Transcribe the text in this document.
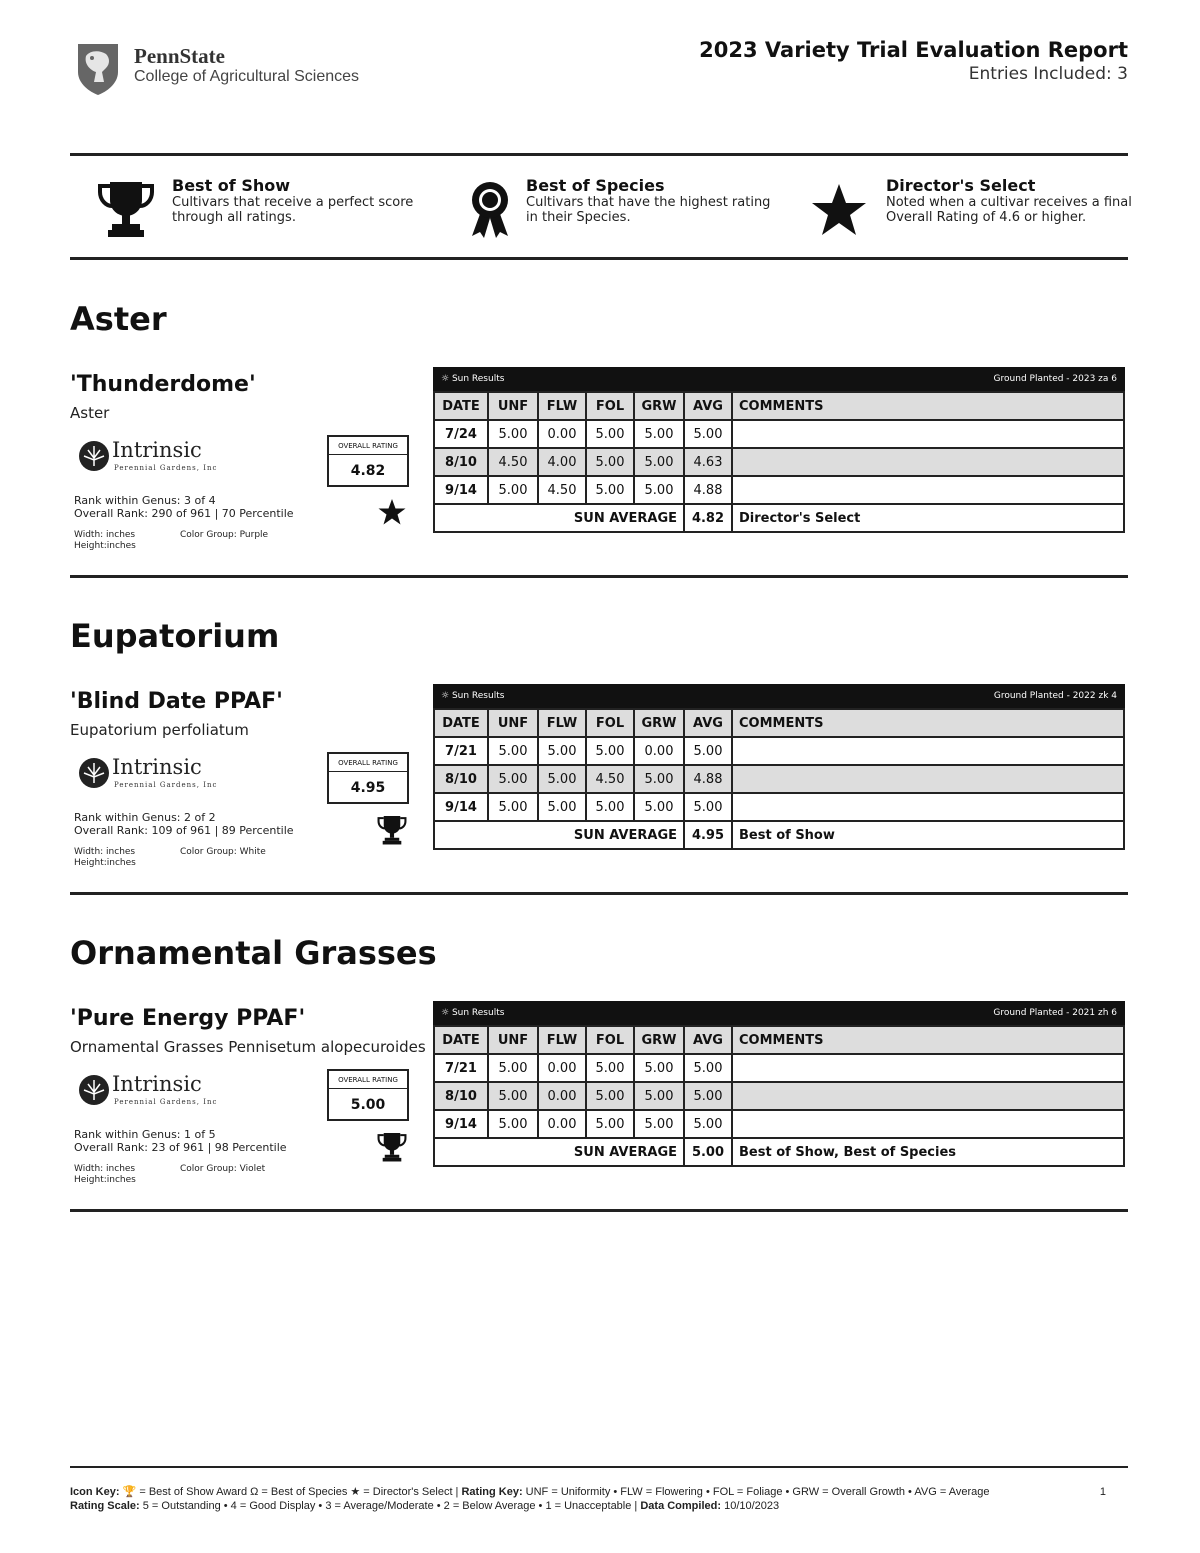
PennState
College of Agricultural Sciences
2023 Variety Trial Evaluation Report
Entries Included: 3
Best of Show
Cultivars that receive a perfect score through all ratings.
Best of Species
Cultivars that have the highest rating in their Species.
Director's Select
Noted when a cultivar receives a final Overall Rating of 4.6 or higher.
Aster
'Thunderdome'
Aster
Intrinsic
Perennial Gardens, Inc
OVERALL RATING
4.82
Rank within Genus: 3 of 4
Overall Rank: 290 of 961 | 70 Percentile
Width: inches
Height:inches
Color Group: Purple
☼ Sun Results	Ground Planted - 2023 za 6
DATE	UNF	FLW	FOL	GRW	AVG	COMMENTS
7/24	5.00	0.00	5.00	5.00	5.00	
8/10	4.50	4.00	5.00	5.00	4.63	
9/14	5.00	4.50	5.00	5.00	4.88	
SUN AVERAGE					4.82	Director's Select
Eupatorium
'Blind Date PPAF'
Eupatorium perfoliatum
Intrinsic
Perennial Gardens, Inc
OVERALL RATING
4.95
Rank within Genus: 2 of 2
Overall Rank: 109 of 961 | 89 Percentile
Width: inches
Height:inches
Color Group: White
☼ Sun Results	Ground Planted - 2022 zk 4
DATE	UNF	FLW	FOL	GRW	AVG	COMMENTS
7/21	5.00	5.00	5.00	0.00	5.00	
8/10	5.00	5.00	4.50	5.00	4.88	
9/14	5.00	5.00	5.00	5.00	5.00	
SUN AVERAGE					4.95	Best of Show
Ornamental Grasses
'Pure Energy PPAF'
Ornamental Grasses Pennisetum alopecuroides
Intrinsic
Perennial Gardens, Inc
OVERALL RATING
5.00
Rank within Genus: 1 of 5
Overall Rank: 23 of 961 | 98 Percentile
Width: inches
Height:inches
Color Group: Violet
☼ Sun Results	Ground Planted - 2021 zh 6
DATE	UNF	FLW	FOL	GRW	AVG	COMMENTS
7/21	5.00	0.00	5.00	5.00	5.00	
8/10	5.00	0.00	5.00	5.00	5.00	
9/14	5.00	0.00	5.00	5.00	5.00	
SUN AVERAGE					5.00	Best of Show, Best of Species
Icon Key: 🏆 = Best of Show Award Ω = Best of Species ★ = Director's Select | Rating Key: UNF = Uniformity • FLW = Flowering • FOL = Foliage • GRW = Overall Growth • AVG = Average
Rating Scale: 5 = Outstanding • 4 = Good Display • 3 = Average/Moderate • 2 = Below Average • 1 = Unacceptable | Data Compiled: 10/10/2023
1
